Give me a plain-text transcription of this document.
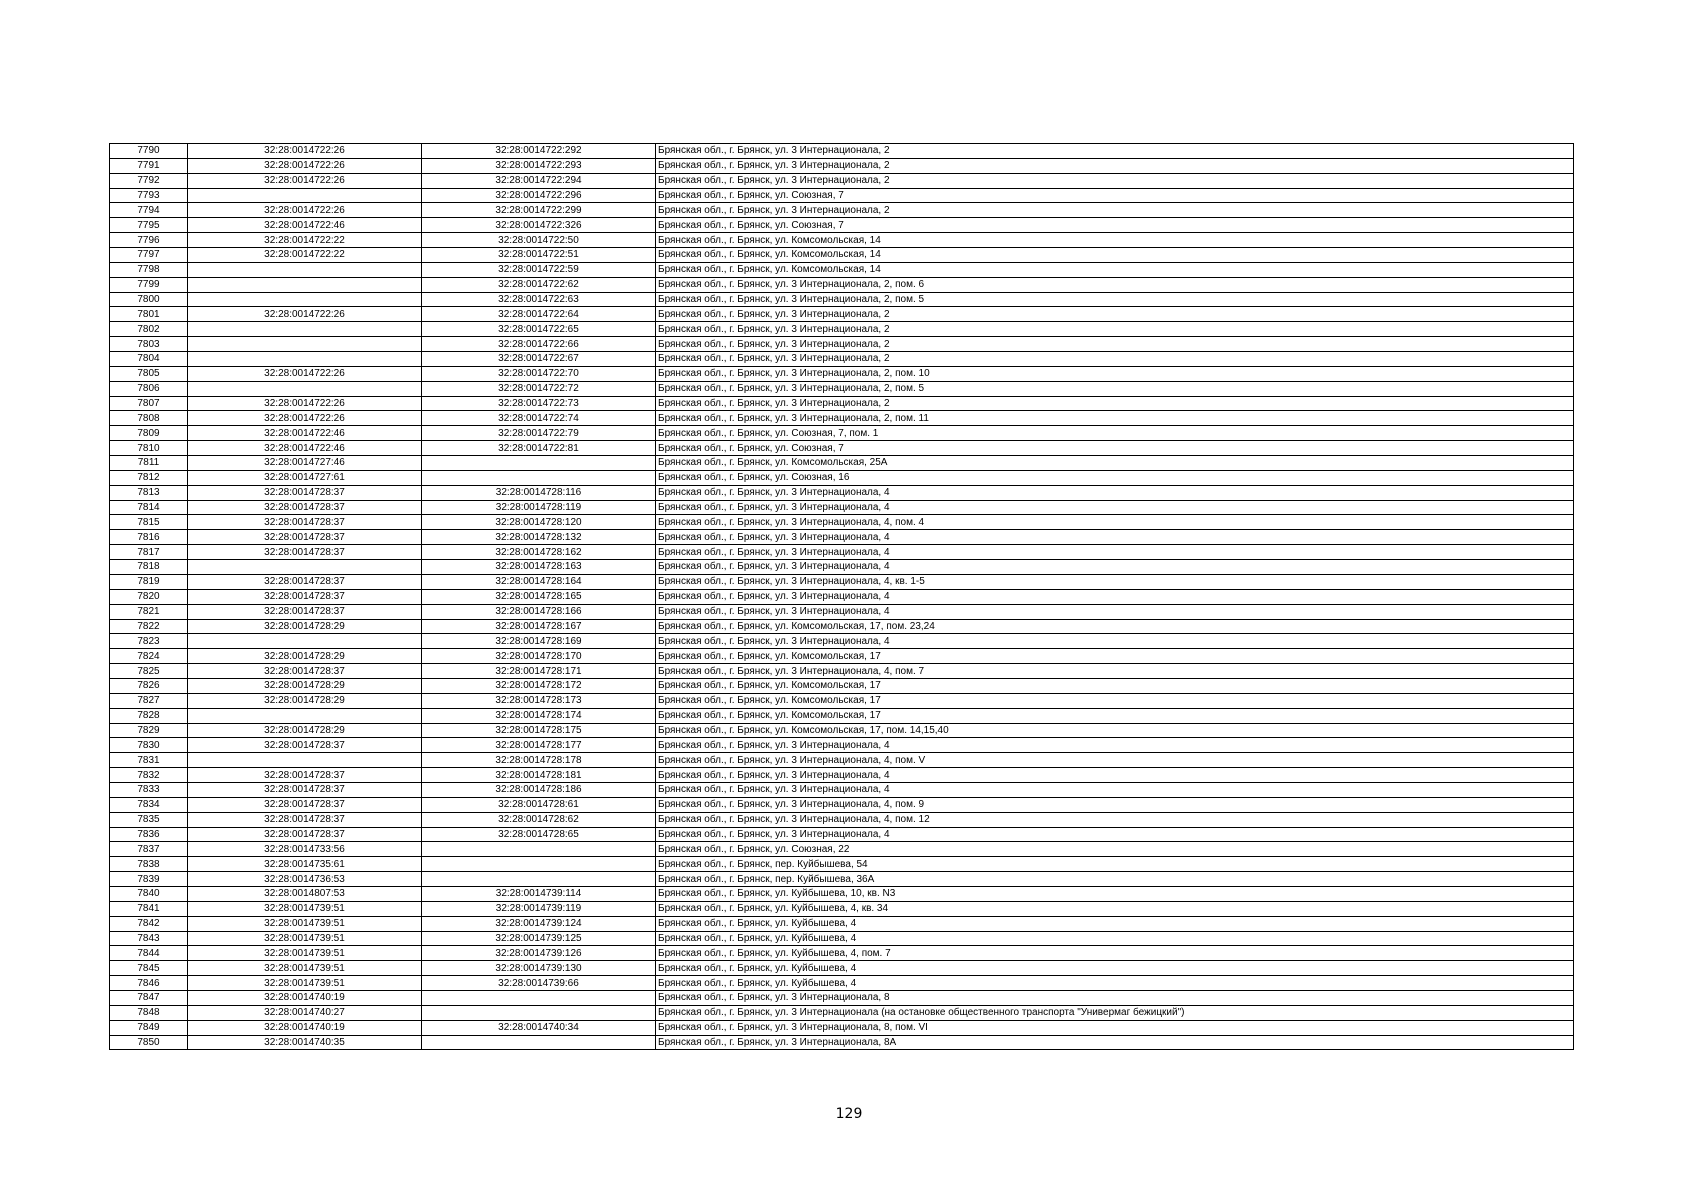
7790	32:28:0014722:26	32:28:0014722:292	Брянская обл., г. Брянск, ул. 3 Интернационала, 2
7791	32:28:0014722:26	32:28:0014722:293	Брянская обл., г. Брянск, ул. 3 Интернационала, 2
7792	32:28:0014722:26	32:28:0014722:294	Брянская обл., г. Брянск, ул. 3 Интернационала, 2
7793		32:28:0014722:296	Брянская обл., г. Брянск, ул. Союзная, 7
7794	32:28:0014722:26	32:28:0014722:299	Брянская обл., г. Брянск, ул. 3 Интернационала, 2
7795	32:28:0014722:46	32:28:0014722:326	Брянская обл., г. Брянск, ул. Союзная, 7
7796	32:28:0014722:22	32:28:0014722:50	Брянская обл., г. Брянск, ул. Комсомольская, 14
7797	32:28:0014722:22	32:28:0014722:51	Брянская обл., г. Брянск, ул. Комсомольская, 14
7798		32:28:0014722:59	Брянская обл., г. Брянск, ул. Комсомольская, 14
7799		32:28:0014722:62	Брянская обл., г. Брянск, ул. 3 Интернационала, 2, пом. 6
7800		32:28:0014722:63	Брянская обл., г. Брянск, ул. 3 Интернационала, 2, пом. 5
7801	32:28:0014722:26	32:28:0014722:64	Брянская обл., г. Брянск, ул. 3 Интернационала, 2
7802		32:28:0014722:65	Брянская обл., г. Брянск, ул. 3 Интернационала, 2
7803		32:28:0014722:66	Брянская обл., г. Брянск, ул. 3 Интернационала, 2
7804		32:28:0014722:67	Брянская обл., г. Брянск, ул. 3 Интернационала, 2
7805	32:28:0014722:26	32:28:0014722:70	Брянская обл., г. Брянск, ул. 3 Интернационала, 2, пом. 10
7806		32:28:0014722:72	Брянская обл., г. Брянск, ул. 3 Интернационала, 2, пом. 5
7807	32:28:0014722:26	32:28:0014722:73	Брянская обл., г. Брянск, ул. 3 Интернационала, 2
7808	32:28:0014722:26	32:28:0014722:74	Брянская обл., г. Брянск, ул. 3 Интернационала, 2, пом. 11
7809	32:28:0014722:46	32:28:0014722:79	Брянская обл., г. Брянск, ул. Союзная, 7, пом. 1
7810	32:28:0014722:46	32:28:0014722:81	Брянская обл., г. Брянск, ул. Союзная, 7
7811	32:28:0014727:46		Брянская обл., г. Брянск, ул. Комсомольская, 25А
7812	32:28:0014727:61		Брянская обл., г. Брянск, ул. Союзная, 16
7813	32:28:0014728:37	32:28:0014728:116	Брянская обл., г. Брянск, ул. 3 Интернационала, 4
7814	32:28:0014728:37	32:28:0014728:119	Брянская обл., г. Брянск, ул. 3 Интернационала, 4
7815	32:28:0014728:37	32:28:0014728:120	Брянская обл., г. Брянск, ул. 3 Интернационала, 4, пом. 4
7816	32:28:0014728:37	32:28:0014728:132	Брянская обл., г. Брянск, ул. 3 Интернационала, 4
7817	32:28:0014728:37	32:28:0014728:162	Брянская обл., г. Брянск, ул. 3 Интернационала, 4
7818		32:28:0014728:163	Брянская обл., г. Брянск, ул. 3 Интернационала, 4
7819	32:28:0014728:37	32:28:0014728:164	Брянская обл., г. Брянск, ул. 3 Интернационала, 4, кв. 1-5
7820	32:28:0014728:37	32:28:0014728:165	Брянская обл., г. Брянск, ул. 3 Интернационала, 4
7821	32:28:0014728:37	32:28:0014728:166	Брянская обл., г. Брянск, ул. 3 Интернационала, 4
7822	32:28:0014728:29	32:28:0014728:167	Брянская обл., г. Брянск, ул. Комсомольская, 17, пом. 23,24
7823		32:28:0014728:169	Брянская обл., г. Брянск, ул. 3 Интернационала, 4
7824	32:28:0014728:29	32:28:0014728:170	Брянская обл., г. Брянск, ул. Комсомольская, 17
7825	32:28:0014728:37	32:28:0014728:171	Брянская обл., г. Брянск, ул. 3 Интернационала, 4, пом. 7
7826	32:28:0014728:29	32:28:0014728:172	Брянская обл., г. Брянск, ул. Комсомольская, 17
7827	32:28:0014728:29	32:28:0014728:173	Брянская обл., г. Брянск, ул. Комсомольская, 17
7828		32:28:0014728:174	Брянская обл., г. Брянск, ул. Комсомольская, 17
7829	32:28:0014728:29	32:28:0014728:175	Брянская обл., г. Брянск, ул. Комсомольская, 17, пом. 14,15,40
7830	32:28:0014728:37	32:28:0014728:177	Брянская обл., г. Брянск, ул. 3 Интернационала, 4
7831		32:28:0014728:178	Брянская обл., г. Брянск, ул. 3 Интернационала, 4, пом. V
7832	32:28:0014728:37	32:28:0014728:181	Брянская обл., г. Брянск, ул. 3 Интернационала, 4
7833	32:28:0014728:37	32:28:0014728:186	Брянская обл., г. Брянск, ул. 3 Интернационала, 4
7834	32:28:0014728:37	32:28:0014728:61	Брянская обл., г. Брянск, ул. 3 Интернационала, 4, пом. 9
7835	32:28:0014728:37	32:28:0014728:62	Брянская обл., г. Брянск, ул. 3 Интернационала, 4, пом. 12
7836	32:28:0014728:37	32:28:0014728:65	Брянская обл., г. Брянск, ул. 3 Интернационала, 4
7837	32:28:0014733:56		Брянская обл., г. Брянск, ул. Союзная, 22
7838	32:28:0014735:61		Брянская обл., г. Брянск, пер. Куйбышева, 54
7839	32:28:0014736:53		Брянская обл., г. Брянск, пер. Куйбышева, 36А
7840	32:28:0014807:53	32:28:0014739:114	Брянская обл., г. Брянск, ул. Куйбышева, 10, кв. N3
7841	32:28:0014739:51	32:28:0014739:119	Брянская обл., г. Брянск, ул. Куйбышева, 4, кв. 34
7842	32:28:0014739:51	32:28:0014739:124	Брянская обл., г. Брянск, ул. Куйбышева, 4
7843	32:28:0014739:51	32:28:0014739:125	Брянская обл., г. Брянск, ул. Куйбышева, 4
7844	32:28:0014739:51	32:28:0014739:126	Брянская обл., г. Брянск, ул. Куйбышева, 4, пом. 7
7845	32:28:0014739:51	32:28:0014739:130	Брянская обл., г. Брянск, ул. Куйбышева, 4
7846	32:28:0014739:51	32:28:0014739:66	Брянская обл., г. Брянск, ул. Куйбышева, 4
7847	32:28:0014740:19		Брянская обл., г. Брянск, ул. 3 Интернационала, 8
7848	32:28:0014740:27		Брянская обл., г. Брянск, ул. 3 Интернационала (на остановке общественного транспорта "Универмаг бежицкий")
7849	32:28:0014740:19	32:28:0014740:34	Брянская обл., г. Брянск, ул. 3 Интернационала, 8, пом. VI
7850	32:28:0014740:35		Брянская обл., г. Брянск, ул. 3 Интернационала, 8А
129
